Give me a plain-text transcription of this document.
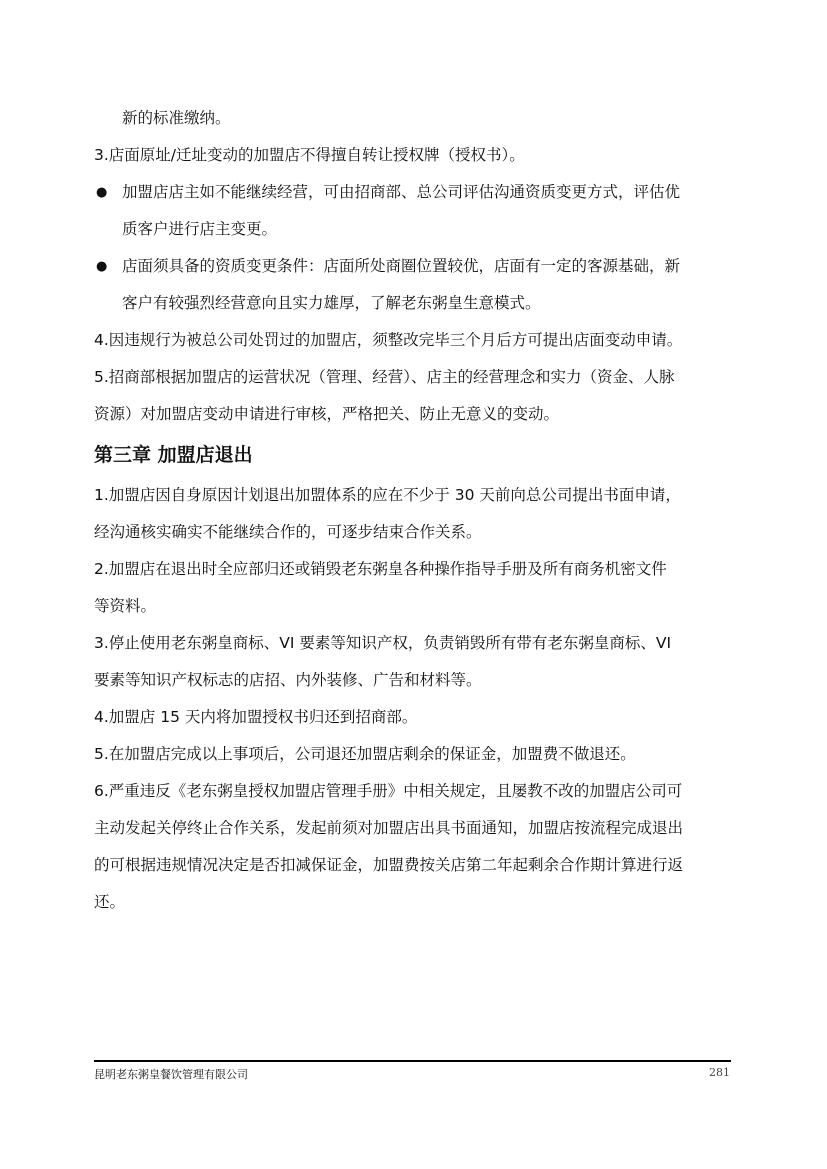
新的标准缴纳。
3.店面原址/迁址变动的加盟店不得擅自转让授权牌（授权书）。
● 加盟店店主如不能继续经营，可由招商部、总公司评估沟通资质变更方式，评估优
质客户进行店主变更。
● 店面须具备的资质变更条件：店面所处商圈位置较优，店面有一定的客源基础，新
客户有较强烈经营意向且实力雄厚，了解老东粥皇生意模式。
4.因违规行为被总公司处罚过的加盟店，须整改完毕三个月后方可提出店面变动申请。
5.招商部根据加盟店的运营状况（管理、经营）、店主的经营理念和实力（资金、人脉
资源）对加盟店变动申请进行审核，严格把关、防止无意义的变动。
第三章 加盟店退出
1.加盟店因自身原因计划退出加盟体系的应在不少于 30 天前向总公司提出书面申请，
经沟通核实确实不能继续合作的，可逐步结束合作关系。
2.加盟店在退出时全应部归还或销毁老东粥皇各种操作指导手册及所有商务机密文件
等资料。
3.停止使用老东粥皇商标、VI 要素等知识产权，负责销毁所有带有老东粥皇商标、VI
要素等知识产权标志的店招、内外装修、广告和材料等。
4.加盟店 15 天内将加盟授权书归还到招商部。
5.在加盟店完成以上事项后，公司退还加盟店剩余的保证金，加盟费不做退还。
6.严重违反《老东粥皇授权加盟店管理手册》中相关规定，且屡教不改的加盟店公司可
主动发起关停终止合作关系，发起前须对加盟店出具书面通知，加盟店按流程完成退出
的可根据违规情况决定是否扣减保证金，加盟费按关店第二年起剩余合作期计算进行返
还。
昆明老东粥皇餐饮管理有限公司	281
